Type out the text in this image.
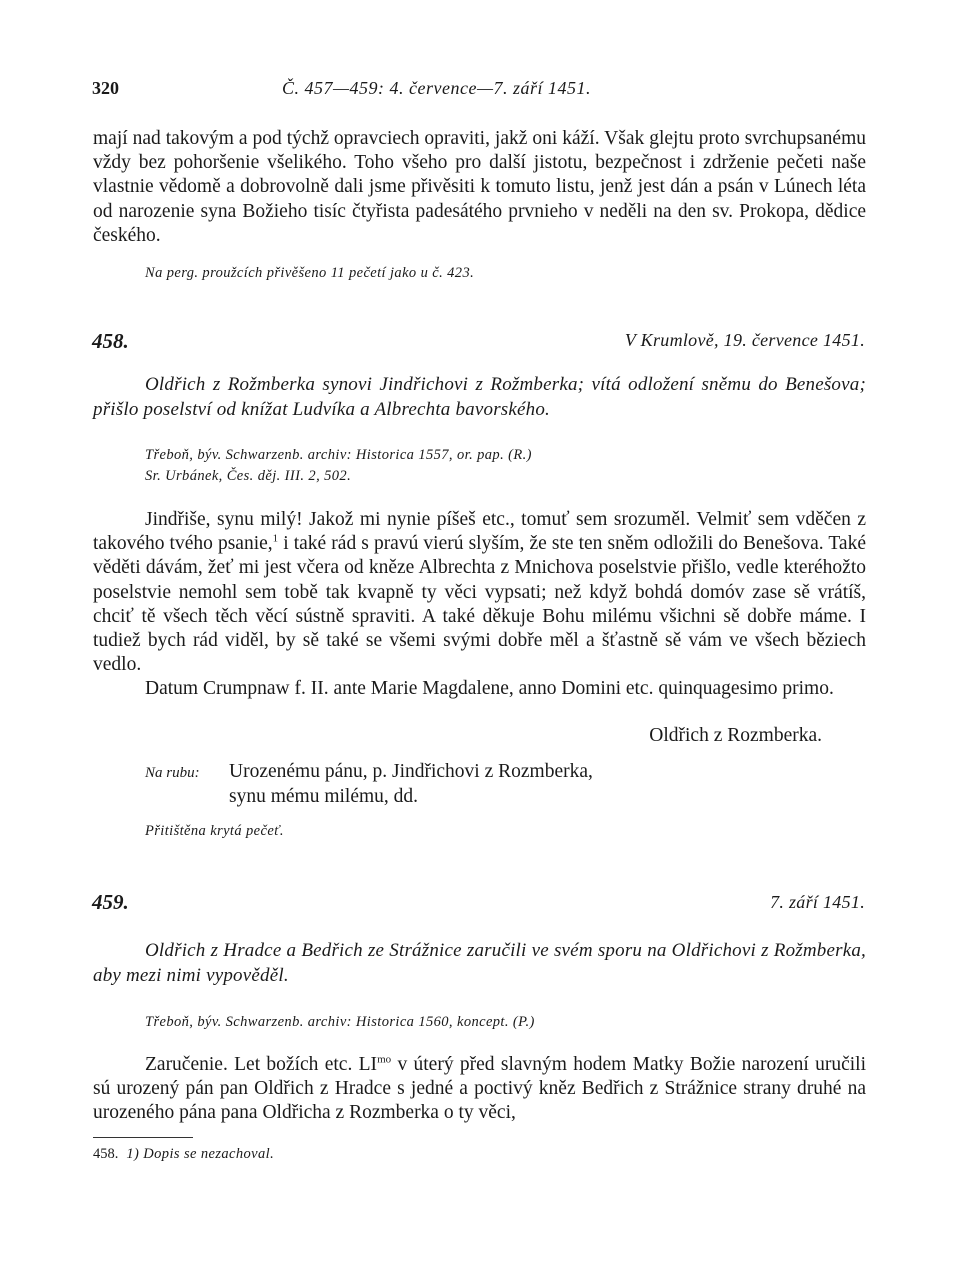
320	Č. 457—459: 4. července—7. září 1451.

mají nad takovým a pod týchž opravciech opraviti, jakž oni káží. Však glejtu proto svrchupsanému vždy bez pohoršenie všelikého. Toho všeho pro další jistotu, bezpečnost i zdrženie pečeti naše vlastnie vědomě a dobrovolně dali jsme přivěsiti k tomuto listu, jenž jest dán a psán v Lúnech léta od narozenie syna Božieho tisíc čtyřista padesátého prvnieho v neděli na den sv. Prokopa, dědice českého.

Na perg. proužcích přivěšeno 11 pečetí jako u č. 423.
458.	V Krumlově, 19. července 1451.

Oldřich z Rožmberka synovi Jindřichovi z Rožmberka; vítá odložení sněmu do Benešova; přišlo poselství od knížat Ludvíka a Albrechta bavorského.

Třeboň, býv. Schwarzenb. archiv: Historica 1557, or. pap. (R.)
Sr. Urbánek, Čes. děj. III. 2, 502.

Jindřiše, synu milý! Jakož mi nynie píšeš etc., tomuť sem srozuměl. Velmiť sem vděčen z takového tvého psanie,$^1$ i také rád s pravú vierú slyším, že ste ten sněm odložili do Benešova. Také věděti dávám, žeť mi jest včera od kněze Albrechta z Mnichova poselstvie přišlo, vedle kteréhožto poselstvie nemohl sem tobě tak kvapně ty věci vypsati; než když bohdá domóv zase sě vrátíš, chciť tě všech těch věcí sústně spraviti. A také děkuje Bohu milému všichni sě dobře máme. I tudiež bych rád viděl, by sě také se všemi svými dobře měl a šťastně sě vám ve všech běziech vedlo.

Datum Crumpnaw f. II. ante Marie Magdalene, anno Domini etc. quinquagesimo primo.

Oldřich z Rozmberka.
Na rubu: Urozenému pánu, p. Jindřichovi z Rozmberka,
synu mému milému, dd.
Přitištěna krytá pečeť.
459.	7. září 1451.

Oldřich z Hradce a Bedřich ze Strážnice zaručili ve svém sporu na Oldřichovi z Rožmberka, aby mezi nimi vypověděl.

Třeboň, býv. Schwarzenb. archiv: Historica 1560, koncept. (P.)

Zaručenie. Let božích etc. $LI^{mo}$ v úterý před slavným hodem Matky Božie narození uručili sú urozený pán pan Oldřich z Hradce s jedné a poctivý kněz Bedřich z Strážnice strany druhé na urozeného pána pana Oldřicha z Rozmberka o ty věci,

458. 1) Dopis se nezachoval.
